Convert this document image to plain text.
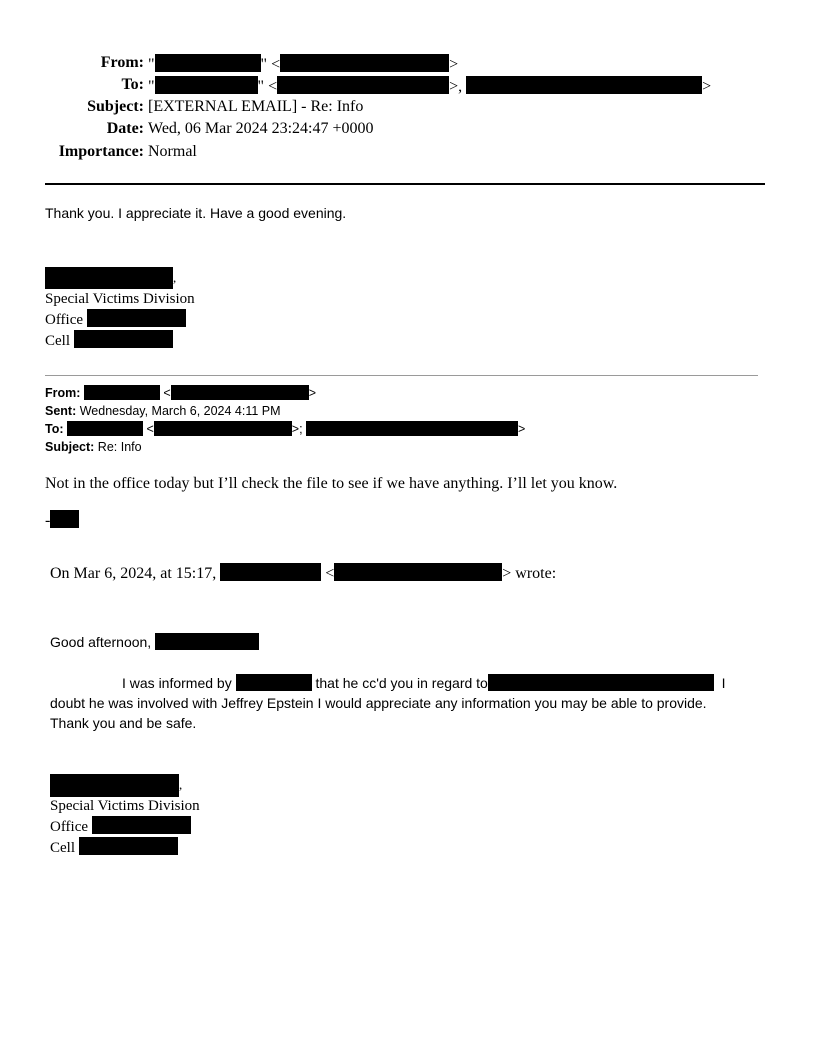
From: "	" <	>
To: "	" <	>,	>
Subject: [EXTERNAL EMAIL] - Re: Info
Date: Wed, 06 Mar 2024 23:24:47 +0000
Importance: Normal
Thank you. I appreciate it. Have a good evening.
,
Special Victims Division
Office
Cell
From:	<	>
Sent: Wednesday, March 6, 2024 4:11 PM
To:	<	>;	>
Subject: Re: Info
Not in the office today but I’ll check the file to see if we have anything. I’ll let you know.
-
On Mar 6, 2024, at 15:17,	<	> wrote:
Good afternoon,
I was informed by	that he cc'd you in regard to	I
doubt he was involved with Jeffrey Epstein I would appreciate any information you may be able to provide.
Thank you and be safe.
,
Special Victims Division
Office
Cell
